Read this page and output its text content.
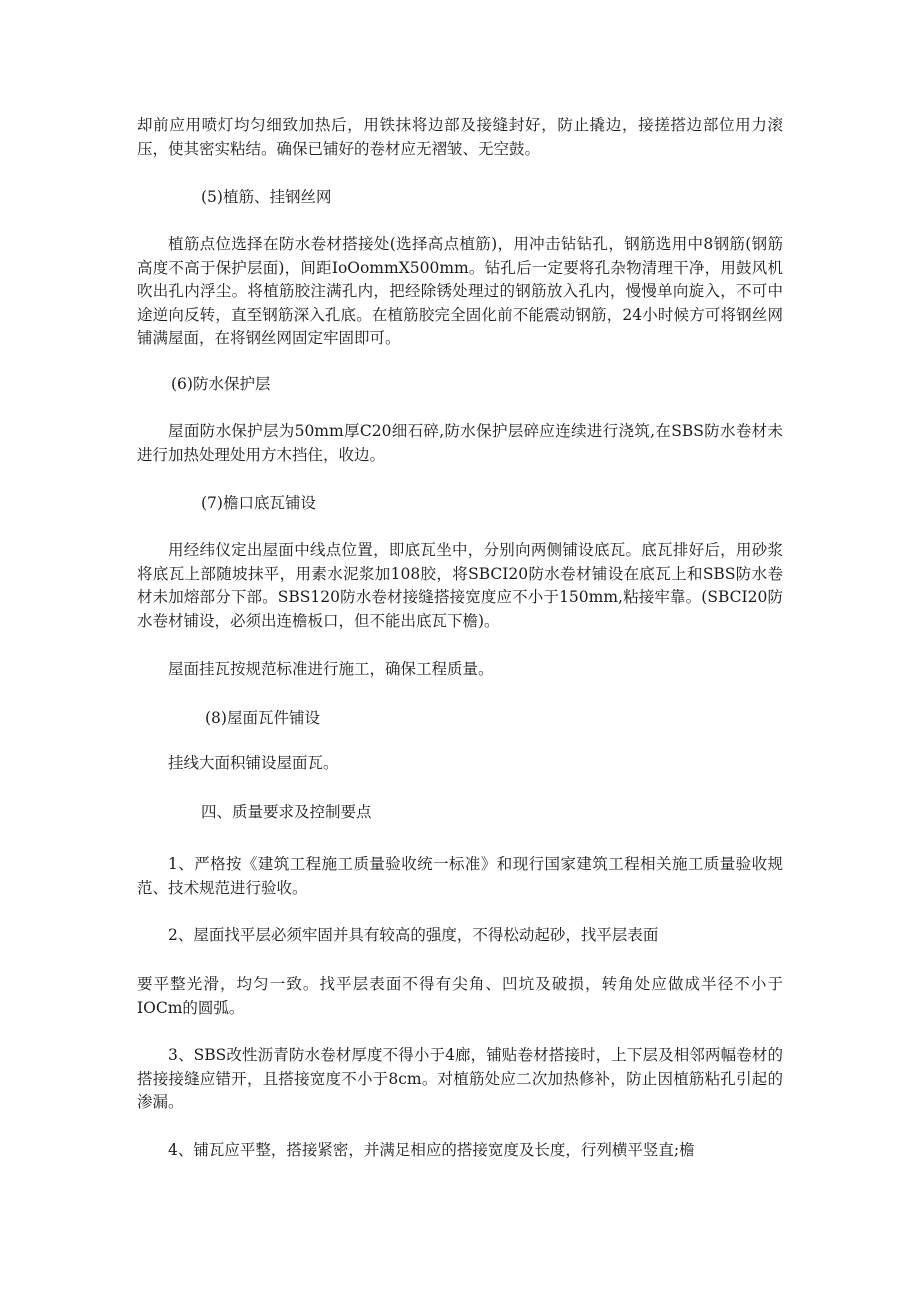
却前应用喷灯均匀细致加热后，用铁抹将边部及接缝封好，防止撬边，接搓搭边部位用力滚压，使其密实粘结。确保已铺好的卷材应无褶皱、无空鼓。

(5)植筋、挂钢丝网

植筋点位选择在防水卷材搭接处(选择高点植筋)，用冲击钻钻孔，钢筋选用中8钢筋(钢筋高度不高于保护层面)，间距IoOommX500mm。钻孔后一定要将孔杂物清理干净，用鼓风机吹出孔内浮尘。将植筋胶注满孔内，把经除锈处理过的钢筋放入孔内，慢慢单向旋入，不可中途逆向反转，直至钢筋深入孔底。在植筋胶完全固化前不能震动钢筋，24小时候方可将钢丝网铺满屋面，在将钢丝网固定牢固即可。

(6)防水保护层

屋面防水保护层为50mm厚C20细石碎,防水保护层碎应连续进行浇筑,在SBS防水卷材未进行加热处理处用方木挡住，收边。

(7)檐口底瓦铺设

用经纬仪定出屋面中线点位置，即底瓦坐中，分别向两侧铺设底瓦。底瓦排好后，用砂浆将底瓦上部随坡抹平，用素水泥浆加108胶，将SBCI20防水卷材铺设在底瓦上和SBS防水卷材未加熔部分下部。SBS120防水卷材接缝搭接宽度应不小于150mm,粘接牢靠。(SBCI20防水卷材铺设，必须出连檐板口，但不能出底瓦下檐)。

屋面挂瓦按规范标准进行施工，确保工程质量。

(8)屋面瓦件铺设

挂线大面积铺设屋面瓦。

四、质量要求及控制要点

1、严格按《建筑工程施工质量验收统一标准》和现行国家建筑工程相关施工质量验收规范、技术规范进行验收。

2、屋面找平层必须牢固并具有较高的强度，不得松动起砂，找平层表面

要平整光滑，均匀一致。找平层表面不得有尖角、凹坑及破损，转角处应做成半径不小于IOCm的圆弧。

3、SBS改性沥青防水卷材厚度不得小于4廊，铺贴卷材搭接时，上下层及相邻两幅卷材的搭接接缝应错开，且搭接宽度不小于8cm。对植筋处应二次加热修补，防止因植筋粘孔引起的渗漏。

4、铺瓦应平整，搭接紧密，并满足相应的搭接宽度及长度，行列横平竖直;檐
